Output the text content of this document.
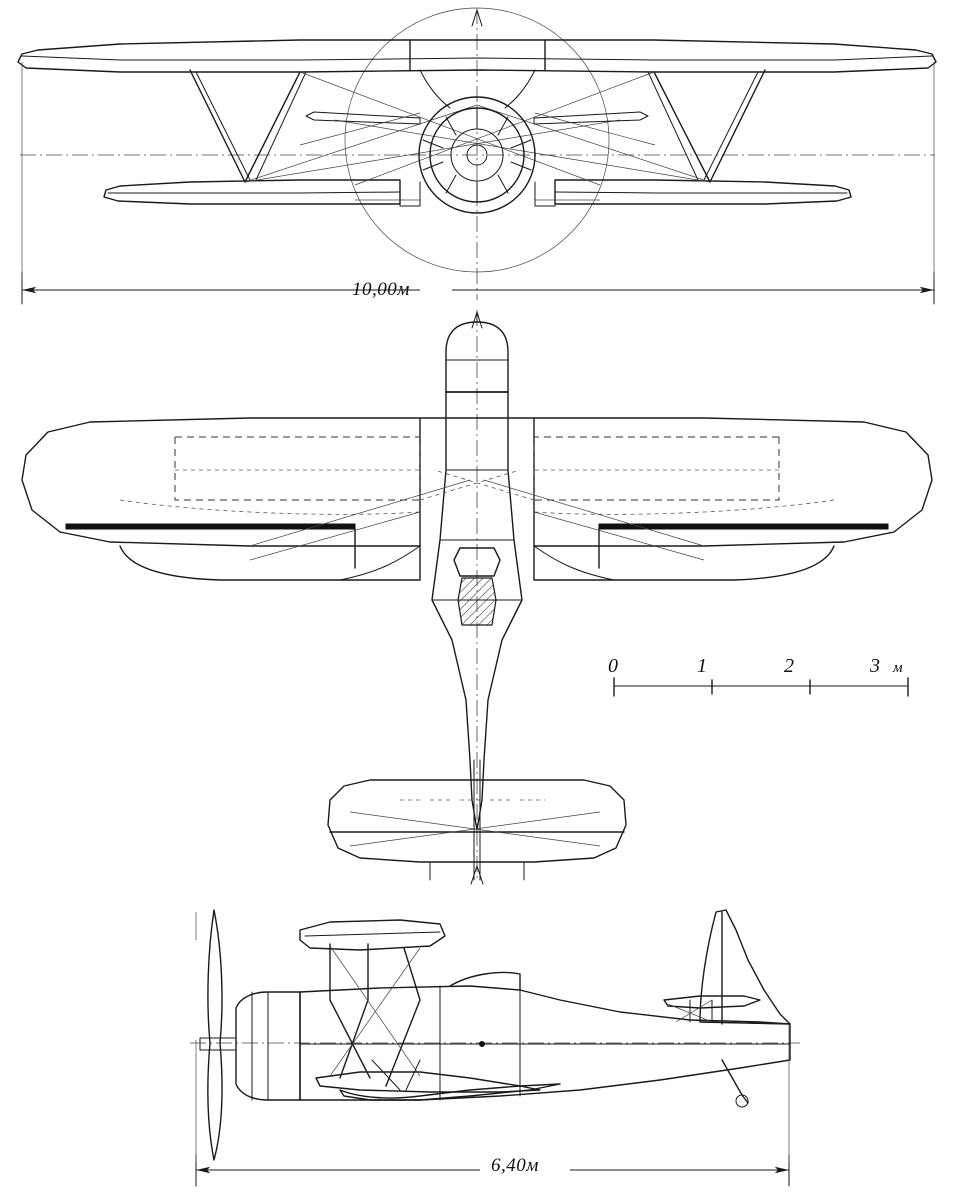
10,00м
6,40м
0	1	2	3 м
